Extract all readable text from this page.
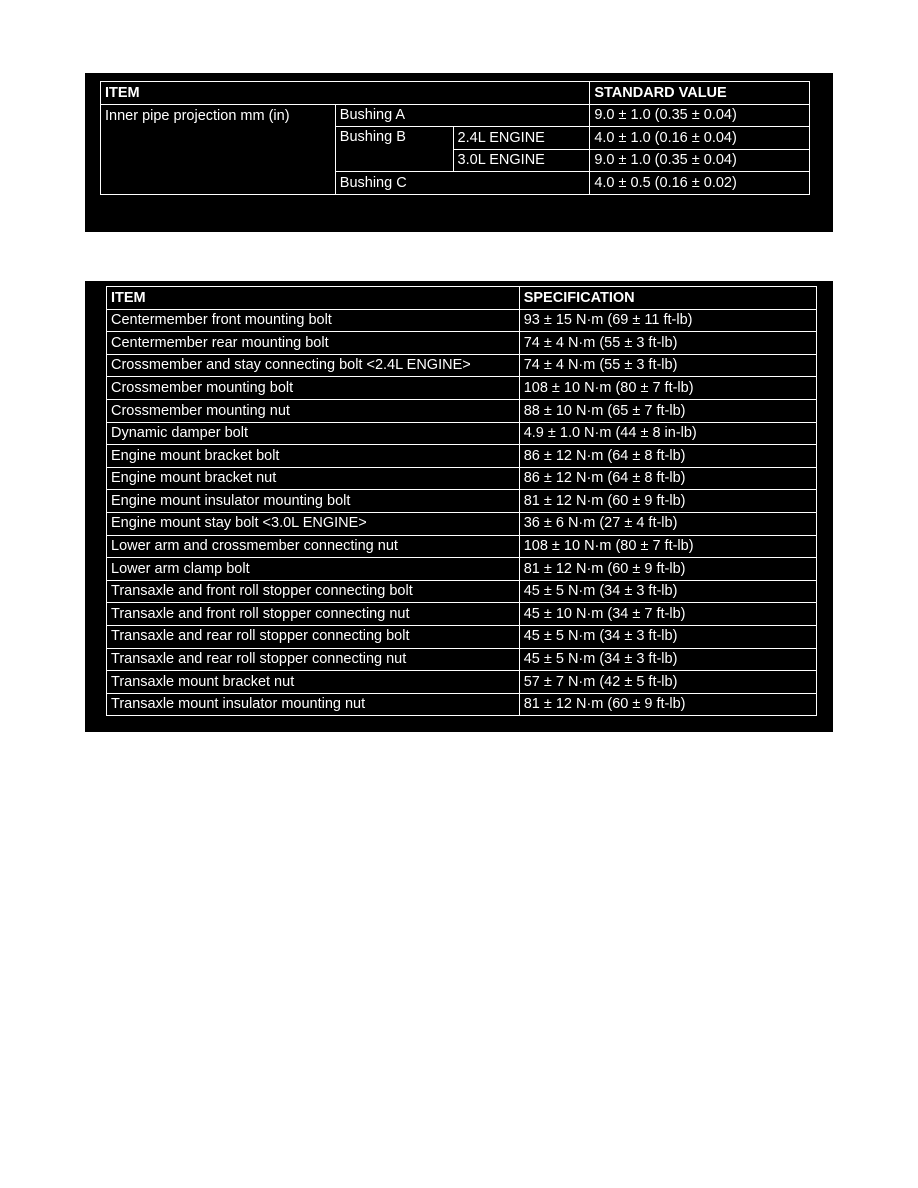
ITEM			STANDARD VALUE
Inner pipe projection mm (in)	Bushing A		9.0 ± 1.0 (0.35 ± 0.04)
	Bushing B	2.4L ENGINE	4.0 ± 1.0 (0.16 ± 0.04)
		3.0L ENGINE	9.0 ± 1.0 (0.35 ± 0.04)
	Bushing C		4.0 ± 0.5 (0.16 ± 0.02)
ITEM	SPECIFICATION
Centermember front mounting bolt	93 ± 15 N·m (69 ± 11 ft-lb)
Centermember rear mounting bolt	74 ± 4 N·m (55 ± 3 ft-lb)
Crossmember and stay connecting bolt <2.4L ENGINE>	74 ± 4 N·m (55 ± 3 ft-lb)
Crossmember mounting bolt	108 ± 10 N·m (80 ± 7 ft-lb)
Crossmember mounting nut	88 ± 10 N·m (65 ± 7 ft-lb)
Dynamic damper bolt	4.9 ± 1.0 N·m (44 ± 8 in-lb)
Engine mount bracket bolt	86 ± 12 N·m (64 ± 8 ft-lb)
Engine mount bracket nut	86 ± 12 N·m (64 ± 8 ft-lb)
Engine mount insulator mounting bolt	81 ± 12 N·m (60 ± 9 ft-lb)
Engine mount stay bolt <3.0L ENGINE>	36 ± 6 N·m (27 ± 4 ft-lb)
Lower arm and crossmember connecting nut	108 ± 10 N·m (80 ± 7 ft-lb)
Lower arm clamp bolt	81 ± 12 N·m (60 ± 9 ft-lb)
Transaxle and front roll stopper connecting bolt	45 ± 5 N·m (34 ± 3 ft-lb)
Transaxle and front roll stopper connecting nut	45 ± 10 N·m (34 ± 7 ft-lb)
Transaxle and rear roll stopper connecting bolt	45 ± 5 N·m (34 ± 3 ft-lb)
Transaxle and rear roll stopper connecting nut	45 ± 5 N·m (34 ± 3 ft-lb)
Transaxle mount bracket nut	57 ± 7 N·m (42 ± 5 ft-lb)
Transaxle mount insulator mounting nut	81 ± 12 N·m (60 ± 9 ft-lb)
